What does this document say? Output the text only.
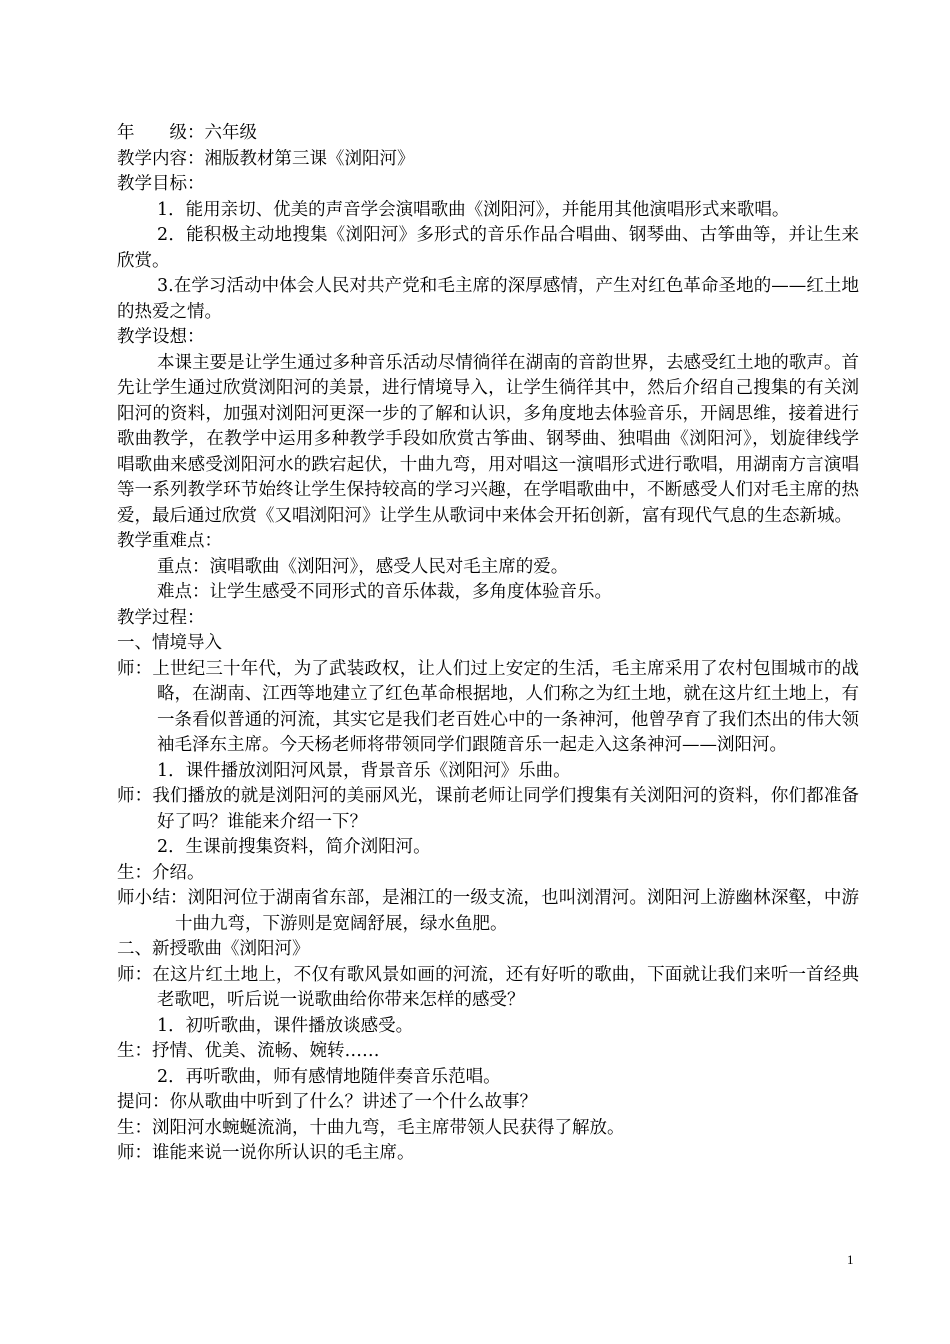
年　　级：六年级
教学内容：湘版教材第三课《浏阳河》
教学目标：

1．能用亲切、优美的声音学会演唱歌曲《浏阳河》，并能用其他演唱形式来歌唱。

2．能积极主动地搜集《浏阳河》多形式的音乐作品合唱曲、钢琴曲、古筝曲等，并让生来欣赏。

3.在学习活动中体会人民对共产党和毛主席的深厚感情，产生对红色革命圣地的——红土地的热爱之情。

教学设想：

本课主要是让学生通过多种音乐活动尽情徜徉在湖南的音韵世界，去感受红土地的歌声。首先让学生通过欣赏浏阳河的美景，进行情境导入，让学生徜徉其中，然后介绍自己搜集的有关浏阳河的资料，加强对浏阳河更深一步的了解和认识，多角度地去体验音乐，开阔思维，接着进行歌曲教学，在教学中运用多种教学手段如欣赏古筝曲、钢琴曲、独唱曲《浏阳河》，划旋律线学唱歌曲来感受浏阳河水的跌宕起伏，十曲九弯，用对唱这一演唱形式进行歌唱，用湖南方言演唱等一系列教学环节始终让学生保持较高的学习兴趣，在学唱歌曲中，不断感受人们对毛主席的热爱，最后通过欣赏《又唱浏阳河》让学生从歌词中来体会开拓创新，富有现代气息的生态新城。

教学重难点：

重点：演唱歌曲《浏阳河》，感受人民对毛主席的爱。

难点：让学生感受不同形式的音乐体裁，多角度体验音乐。

教学过程：
一、情境导入

师：上世纪三十年代，为了武装政权，让人们过上安定的生活，毛主席采用了农村包围城市的战略，在湖南、江西等地建立了红色革命根据地，人们称之为红土地，就在这片红土地上，有一条看似普通的河流，其实它是我们老百姓心中的一条神河，他曾孕育了我们杰出的伟大领袖毛泽东主席。今天杨老师将带领同学们跟随音乐一起走入这条神河——浏阳河。

1．课件播放浏阳河风景，背景音乐《浏阳河》乐曲。

师：我们播放的就是浏阳河的美丽风光，课前老师让同学们搜集有关浏阳河的资料，你们都准备好了吗？谁能来介绍一下？

2．生课前搜集资料，简介浏阳河。

生：介绍。

师小结：浏阳河位于湖南省东部，是湘江的一级支流，也叫浏渭河。浏阳河上游幽林深壑，中游十曲九弯，下游则是宽阔舒展，绿水鱼肥。

二、新授歌曲《浏阳河》

师：在这片红土地上，不仅有歌风景如画的河流，还有好听的歌曲，下面就让我们来听一首经典老歌吧，听后说一说歌曲给你带来怎样的感受？

1．初听歌曲，课件播放谈感受。

生：抒情、优美、流畅、婉转……

2．再听歌曲，师有感情地随伴奏音乐范唱。

提问：你从歌曲中听到了什么？讲述了一个什么故事？
生：浏阳河水蜿蜒流淌，十曲九弯，毛主席带领人民获得了解放。
师：谁能来说一说你所认识的毛主席。
1
